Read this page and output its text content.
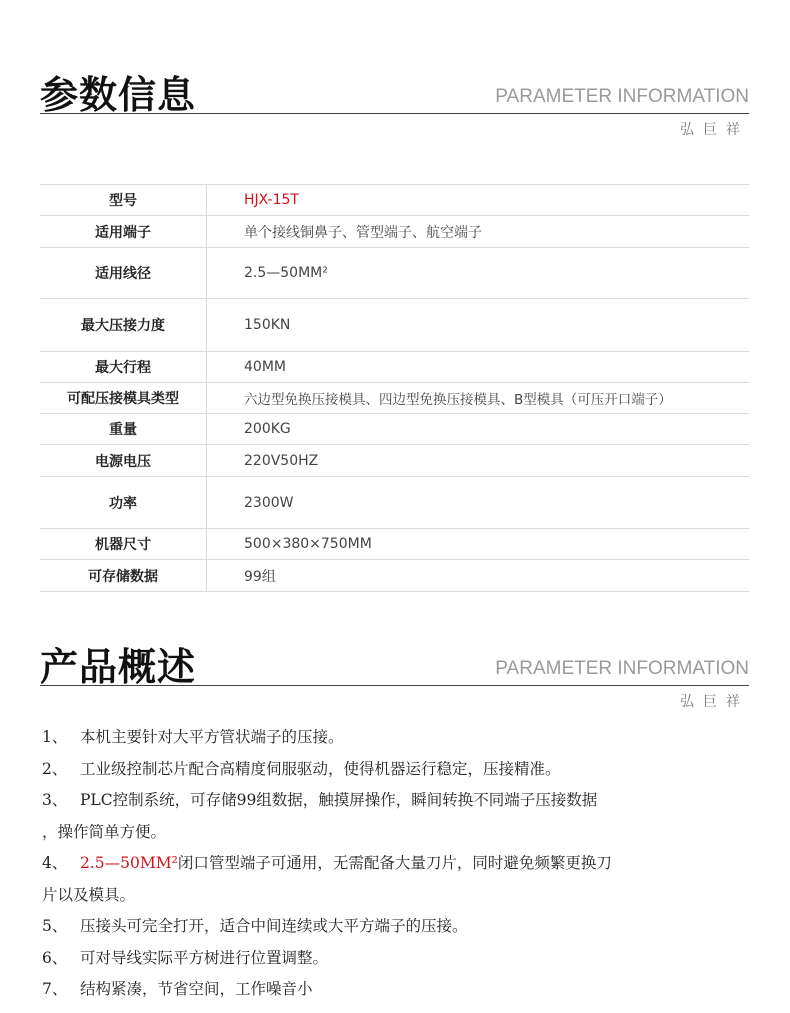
参数信息	PARAMETER INFORMATION
弘巨祥
型号	HJX-15T
适用端子	单个接线铜鼻子、管型端子、航空端子
适用线径	2.5—50MM²
最大压接力度	150KN
最大行程	40MM
可配压接模具类型	六边型免换压接模具、四边型免换压接模具、B型模具（可压开口端子）
重量	200KG
电源电压	220V50HZ
功率	2300W
机器尺寸	500×380×750MM
可存储数据	99组
产品概述	PARAMETER INFORMATION
弘巨祥
1、 本机主要针对大平方管状端子的压接。
2、 工业级控制芯片配合高精度伺服驱动，使得机器运行稳定，压接精准。
3、 PLC控制系统，可存储99组数据，触摸屏操作，瞬间转换不同端子压接数据
，操作简单方便。
4、 2.5—50MM²闭口管型端子可通用，无需配备大量刀片，同时避免频繁更换刀
片以及模具。
5、 压接头可完全打开，适合中间连续或大平方端子的压接。
6、 可对导线实际平方树进行位置调整。
7、 结构紧凑，节省空间，工作噪音小
